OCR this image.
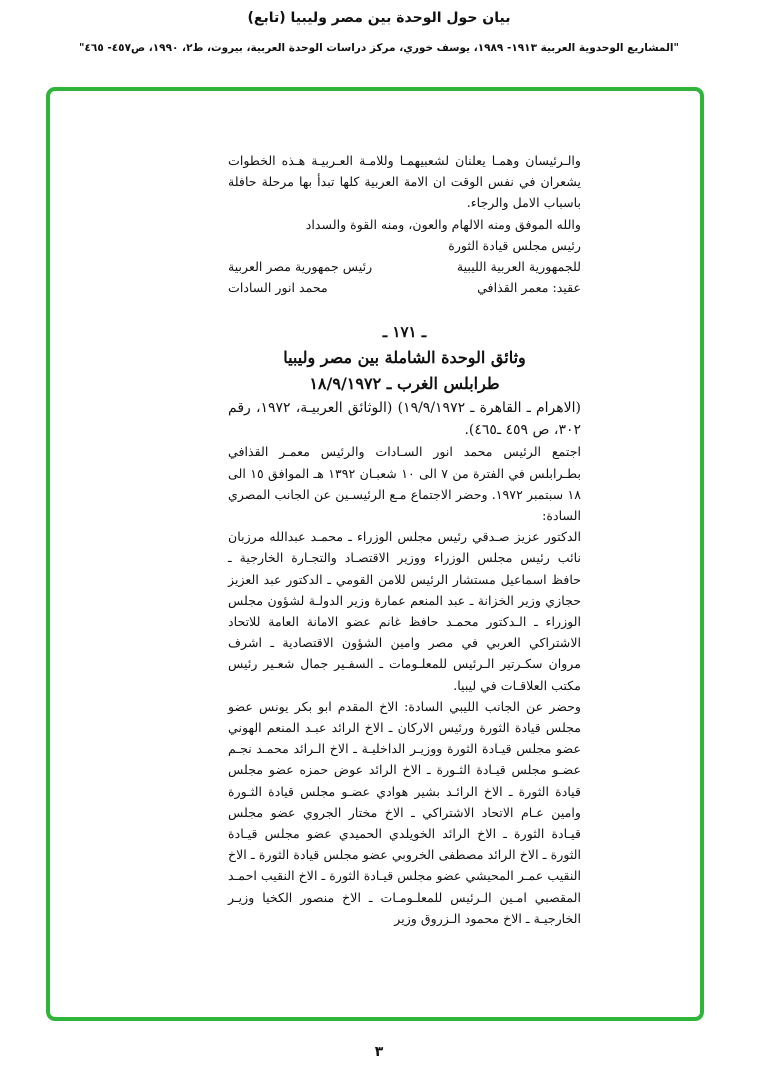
(تابع) بيان حول الوحدة بين مصر وليبيا
"المشاريع الوحدوية العربية ١٩١٣- ١٩٨٩، يوسف خوري، مركز دراسات الوحدة العربية، بيروت، ط٢، ١٩٩٠، ص٤٥٧- ٤٦٥"

والـرئيسان وهمـا يعلنان لشعبيهمـا وللامـة العـربيـة هـذه الخطوات يشعران في نفس الوقت ان الامة العربية كلها تبدأ بها مرحلة حافلة باسباب الامل والرجاء.

والله الموفق ومنه الالهام والعون، ومنه القوة والسداد

رئيس مجلس قيادة الثورة

للجمهورية العربية الليبية
رئيس جمهورية مصر العربية
عقيد: معمر القذافي
محمد انور السادات
ـ ١٧١ ـ
وثائق الوحدة الشاملة بين مصر وليبيا
طرابلس الغرب ـ ١٨/٩/١٩٧٢

(الاهرام ـ القاهرة ـ ١٩/٩/١٩٧٢) (الوثائق العربيـة، ١٩٧٢، رقم ٣٠٢، ص ٤٥٩ ـ٤٦٥).

اجتمع الرئيس محمد انور السـادات والرئيس معمـر القذافي بطـرابلس في الفترة من ٧ الى ١٠ شعبـان ١٣٩٢ هـ الموافق ١٥ الى ١٨ سبتمبر ١٩٧٢. وحضر الاجتماع مـع الرئيسـين عن الجانب المصري السادة:

الدكتور عزيز صـدقي رئيس مجلس الوزراء ـ محمـد عبدالله مرزبان نائب رئيس مجلس الوزراء ووزير الاقتصـاد والتجـارة الخارجية ـ حافظ اسماعيل مستشار الرئيس للامن القومي ـ الدكتور عبد العزيز حجازي وزير الخزانة ـ عبد المنعم عمارة وزير الدولـة لشؤون مجلس الوزراء ـ الـدكتور محمـد حافظ غانم عضو الامانة العامة للاتحاد الاشتراكي العربي في مصر وامين الشؤون الاقتصادية ـ اشرف مروان سكـرتير الـرئيس للمعلـومات ـ السفـير جمال شعـير رئيس مكتب العلاقـات في ليبيا.

وحضر عن الجانب الليبي السادة: الاخ المقدم ابو بكر يونس عضو مجلس قيادة الثورة ورئيس الاركان ـ الاخ الرائد عبـد المنعم الهوني عضو مجلس قيـادة الثورة ووزيـر الداخليـة ـ الاخ الـرائد محمـد نجـم عضـو مجلس قيـادة الثـورة ـ الاخ الرائد عوض حمزه عضو مجلس قيادة الثورة ـ الاخ الرائـد بشير هوادي عضـو مجلس قيادة الثـورة وامين عـام الاتحاد الاشتراكي ـ الاخ مختار الجروي عضو مجلس قيـادة الثورة ـ الاخ الرائد الخويلدي الحميدي عضو مجلس قيـادة الثورة ـ الاخ الرائد مصطفى الخروبي عضو مجلس قيادة الثورة ـ الاخ النقيب عمـر المحيشي عضو مجلس قيـادة الثورة ـ الاخ النقيب احمـد المقصبي امـين الـرئيس للمعلـومـات ـ الاخ منصور الكخيا وزيـر الخارجيـة ـ الاخ محمود الـزروق وزير

٣
